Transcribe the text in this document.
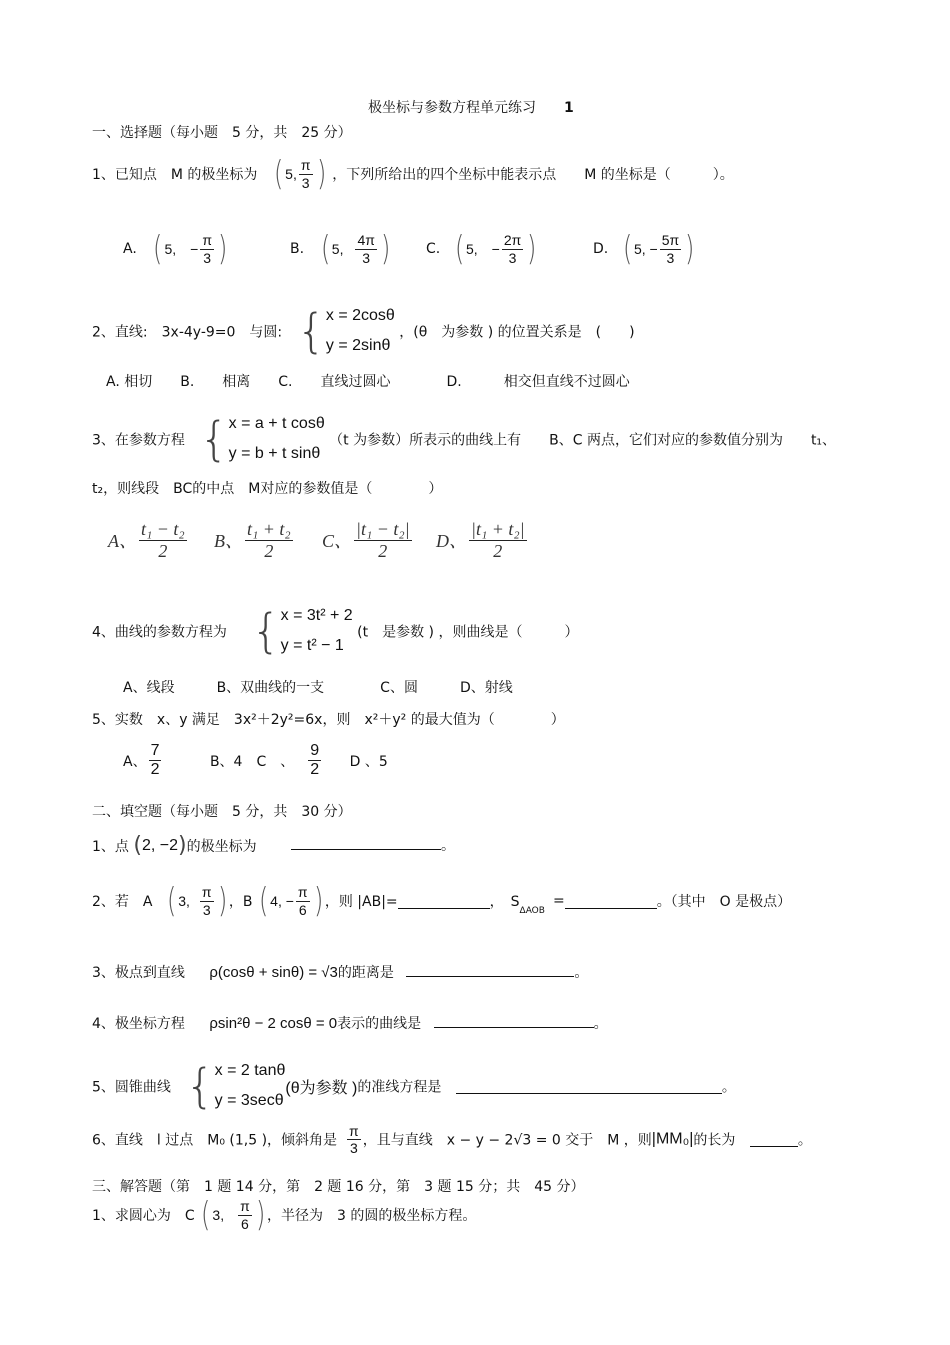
极坐标与参数方程单元练习 1
一、选择题（每小题　5 分，共　25 分）
1、已知点　M 的极坐标为 ( 5, $\frac{\pi}{3}$ ) ，下列所给出的四个坐标中能表示点　　M 的坐标是（　　　）。
A. ( 5,　− $\frac{\pi}{3}$ )	B. ( 5, $\frac{4\pi}{3}$ )	C. ( 5,　− $\frac{2\pi}{3}$ )	D. ( 5, − $\frac{5\pi}{3}$ )
2、直线:　3x-4y-9=0　与圆: {x = 2cosθ
y = 2sinθ ，(θ　为参数 ) 的位置关系是　(　　)
A. 相切　　B.　　相离　　C.　　直线过圆心　　　　D.　　　相交但直线不过圆心
3、在参数方程 {x = a + t cosθ
y = b + t sinθ （t 为参数）所表示的曲线上有　　B、C 两点，它们对应的参数值分别为　　t₁、
t₂，则线段　BC的中点　M对应的参数值是（　　　　）
A、 $\frac{\text{t₁ − t₂}}{2}$ B、 $\frac{\text{t₁ + t₂}}{2}$ C、 $\frac{\text{|t₁ − t₂|}}{2}$ D、 $\frac{\text{|t₁ + t₂|}}{2}$
4、曲线的参数方程为 {x = 3t² + 2
y = t² − 1 (t　是参数 ) ，则曲线是（　　　）
A、线段　　　B、双曲线的一支　　　　C、圆　　　D、射线
5、实数　x、y 满足　3x²＋2y²=6x，则　x²＋y² 的最大值为（　　　　）
A、 $\frac{7}{2}$	B、4　C　、 $\frac{9}{2}$ D 、5
二、填空题（每小题　5 分，共　30 分）
1、点 (2, −2)的极坐标为	。
2、若　A ( 3, $\frac{\pi}{3}$ ) ，B ( 4, − $\frac{\pi}{6}$ ) ，则 |AB|=	，　$S_{\Delta AOB}=$	。（其中　O 是极点）
3、极点到直线 ρ(cosθ + sinθ) = √3的距离是	。
4、极坐标方程 ρsin²θ − 2 cosθ = 0表示的曲线是	。
5、圆锥曲线 {x = 2 tanθ
y = 3secθ(θ为参数 )的准线方程是	。
6、直线　l 过点　M₀ (1,5 )，倾斜角是 $\frac{\pi}{3}$ ，且与直线　x − y − 2√3 = 0 交于　M ，则|MM₀|的长为	。
三、解答题（第　1 题 14 分，第　2 题 16 分，第　3 题 15 分；共　45 分）
1、求圆心为　C ( 3, $\frac{\pi}{6}$ ) ，半径为　3 的圆的极坐标方程。
